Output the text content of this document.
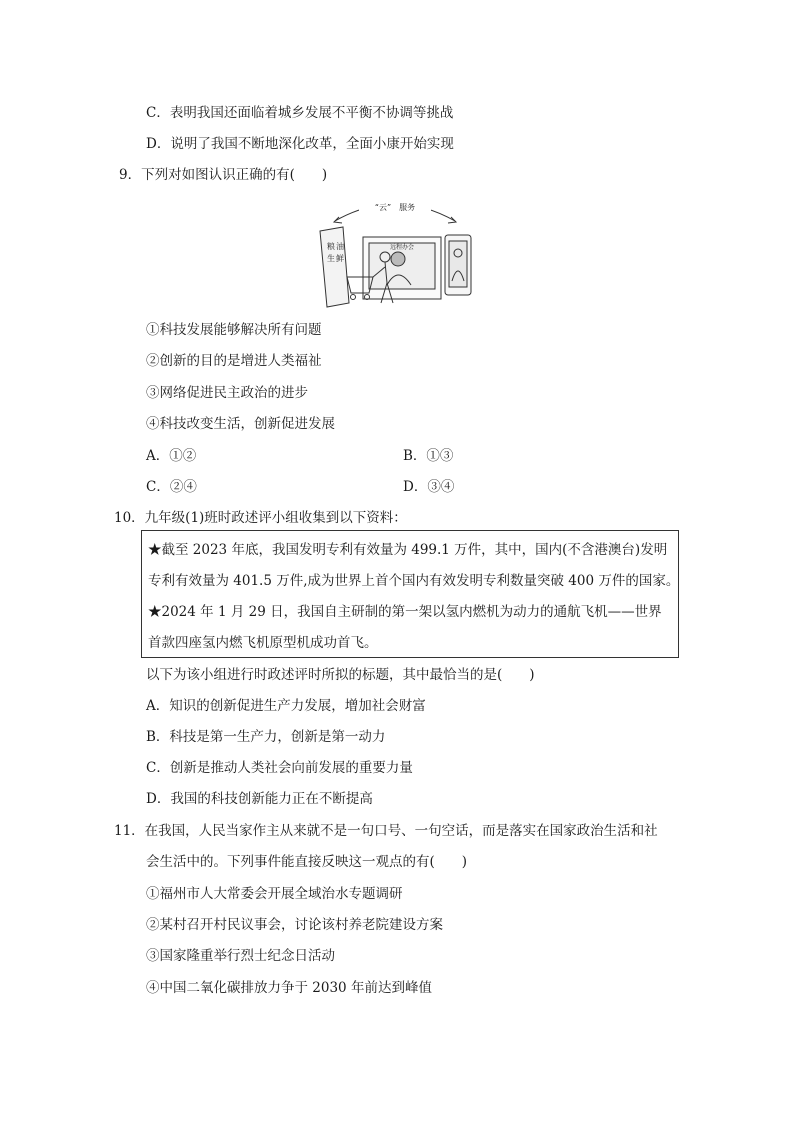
C．表明我国还面临着城乡发展不平衡不协调等挑战
D．说明了我国不断地深化改革，全面小康开始实现
9．下列对如图认识正确的有(　　)
“云”　服务
远程办会
粮 油
生 鲜
①科技发展能够解决所有问题
②创新的目的是增进人类福祉
③网络促进民主政治的进步
④科技改变生活，创新促进发展
A．①②	B．①③
C．②④	D．③④
10．九年级(1)班时政述评小组收集到以下资料：
★截至 2023 年底，我国发明专利有效量为 499.1 万件，其中，国内(不含港澳台)发明
专利有效量为 401.5 万件,成为世界上首个国内有效发明专利数量突破 400 万件的国家。
★2024 年 1 月 29 日，我国自主研制的第一架以氢内燃机为动力的通航飞机——世界
首款四座氢内燃飞机原型机成功首飞。
以下为该小组进行时政述评时所拟的标题，其中最恰当的是(　　)
A．知识的创新促进生产力发展，增加社会财富
B．科技是第一生产力，创新是第一动力
C．创新是推动人类社会向前发展的重要力量
D．我国的科技创新能力正在不断提高
11．在我国，人民当家作主从来就不是一句口号、一句空话，而是落实在国家政治生活和社
会生活中的。下列事件能直接反映这一观点的有(　　)
①福州市人大常委会开展全域治水专题调研
②某村召开村民议事会，讨论该村养老院建设方案
③国家隆重举行烈士纪念日活动
④中国二氧化碳排放力争于 2030 年前达到峰值
